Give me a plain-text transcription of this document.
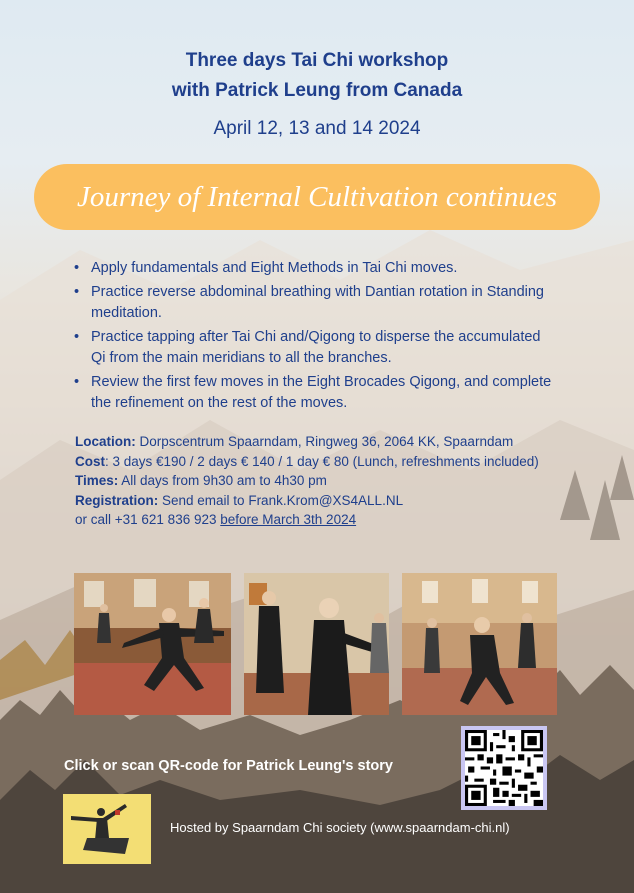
Three days Tai Chi workshop
with Patrick Leung from Canada
April 12, 13 and 14 2024
Journey of Internal Cultivation continues
• Apply fundamentals and Eight Methods in Tai Chi moves.
• Practice reverse abdominal breathing with Dantian rotation in Standing meditation.
• Practice tapping after Tai Chi and/Qigong to disperse the accumulated Qi from the main meridians to all the branches.
• Review the first few moves in the Eight Brocades Qigong, and complete the refinement on the rest of the moves.
Location: Dorpscentrum Spaarndam, Ringweg 36, 2064 KK, Spaarndam
Cost: 3 days €190 / 2 days € 140 / 1 day € 80 (Lunch, refreshments included)
Times: All days from 9h30 am to 4h30 pm
Registration: Send email to Frank.Krom@XS4ALL.NL
or call +31 621 836 923 before March 3th 2024
Click or scan QR-code for Patrick Leung's story
Hosted by Spaarndam Chi society (www.spaarndam-chi.nl)
